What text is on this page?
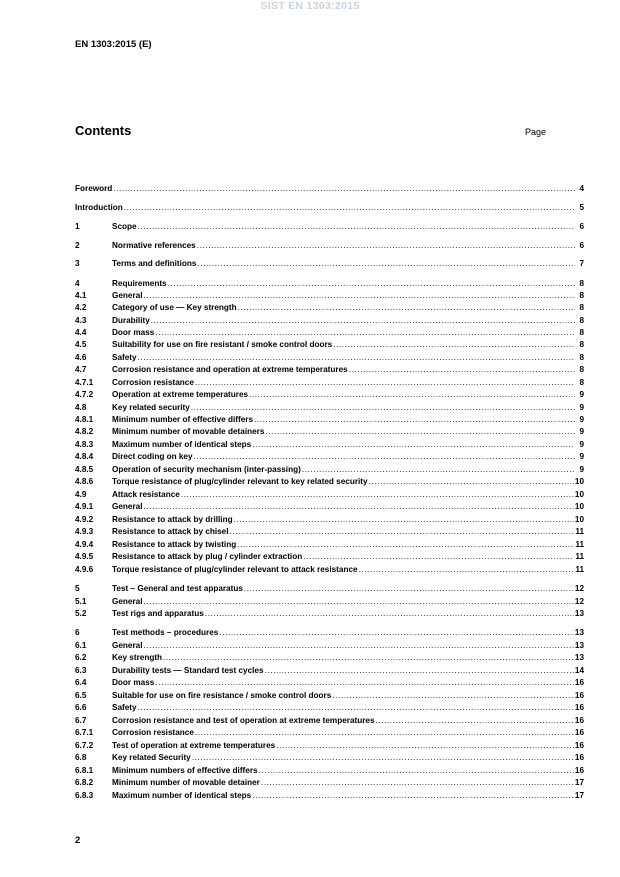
SIST EN 1303:2015
EN 1303:2015 (E)
Contents	Page
Foreword .....	4
Introduction .....	5
1	Scope .....	6
2	Normative references .....	6
3	Terms and definitions .....	7
4	Requirements .....	8
4.1	General .....	8
4.2	Category of use — Key strength .....	8
4.3	Durability .....	8
4.4	Door mass .....	8
4.5	Suitability for use on fire resistant / smoke control doors .....	8
4.6	Safety .....	8
4.7	Corrosion resistance and operation at extreme temperatures .....	8
4.7.1	Corrosion resistance .....	8
4.7.2	Operation at extreme temperatures .....	9
4.8	Key related security .....	9
4.8.1	Minimum number of effective differs .....	9
4.8.2	Minimum number of movable detainers .....	9
4.8.3	Maximum number of identical steps .....	9
4.8.4	Direct coding on key .....	9
4.8.5	Operation of security mechanism (inter-passing) .....	9
4.8.6	Torque resistance of plug/cylinder relevant to key related security .....	10
4.9	Attack resistance .....	10
4.9.1	General .....	10
4.9.2	Resistance to attack by drilling .....	10
4.9.3	Resistance to attack by chisel .....	11
4.9.4	Resistance to attack by twisting .....	11
4.9.5	Resistance to attack by plug / cylinder extraction .....	11
4.9.6	Torque resistance of plug/cylinder relevant to attack resistance .....	11
5	Test – General and test apparatus .....	12
5.1	General .....	12
5.2	Test rigs and apparatus .....	13
6	Test methods – procedures .....	13
6.1	General .....	13
6.2	Key strength .....	13
6.3	Durability tests — Standard test cycles .....	14
6.4	Door mass .....	16
6.5	Suitable for use on fire resistance / smoke control doors .....	16
6.6	Safety .....	16
6.7	Corrosion resistance and test of operation at extreme temperatures .....	16
6.7.1	Corrosion resistance .....	16
6.7.2	Test of operation at extreme temperatures .....	16
6.8	Key related Security .....	16
6.8.1	Minimum numbers of effective differs .....	16
6.8.2	Minimum number of movable detainer .....	17
6.8.3	Maximum number of identical steps .....	17
2
